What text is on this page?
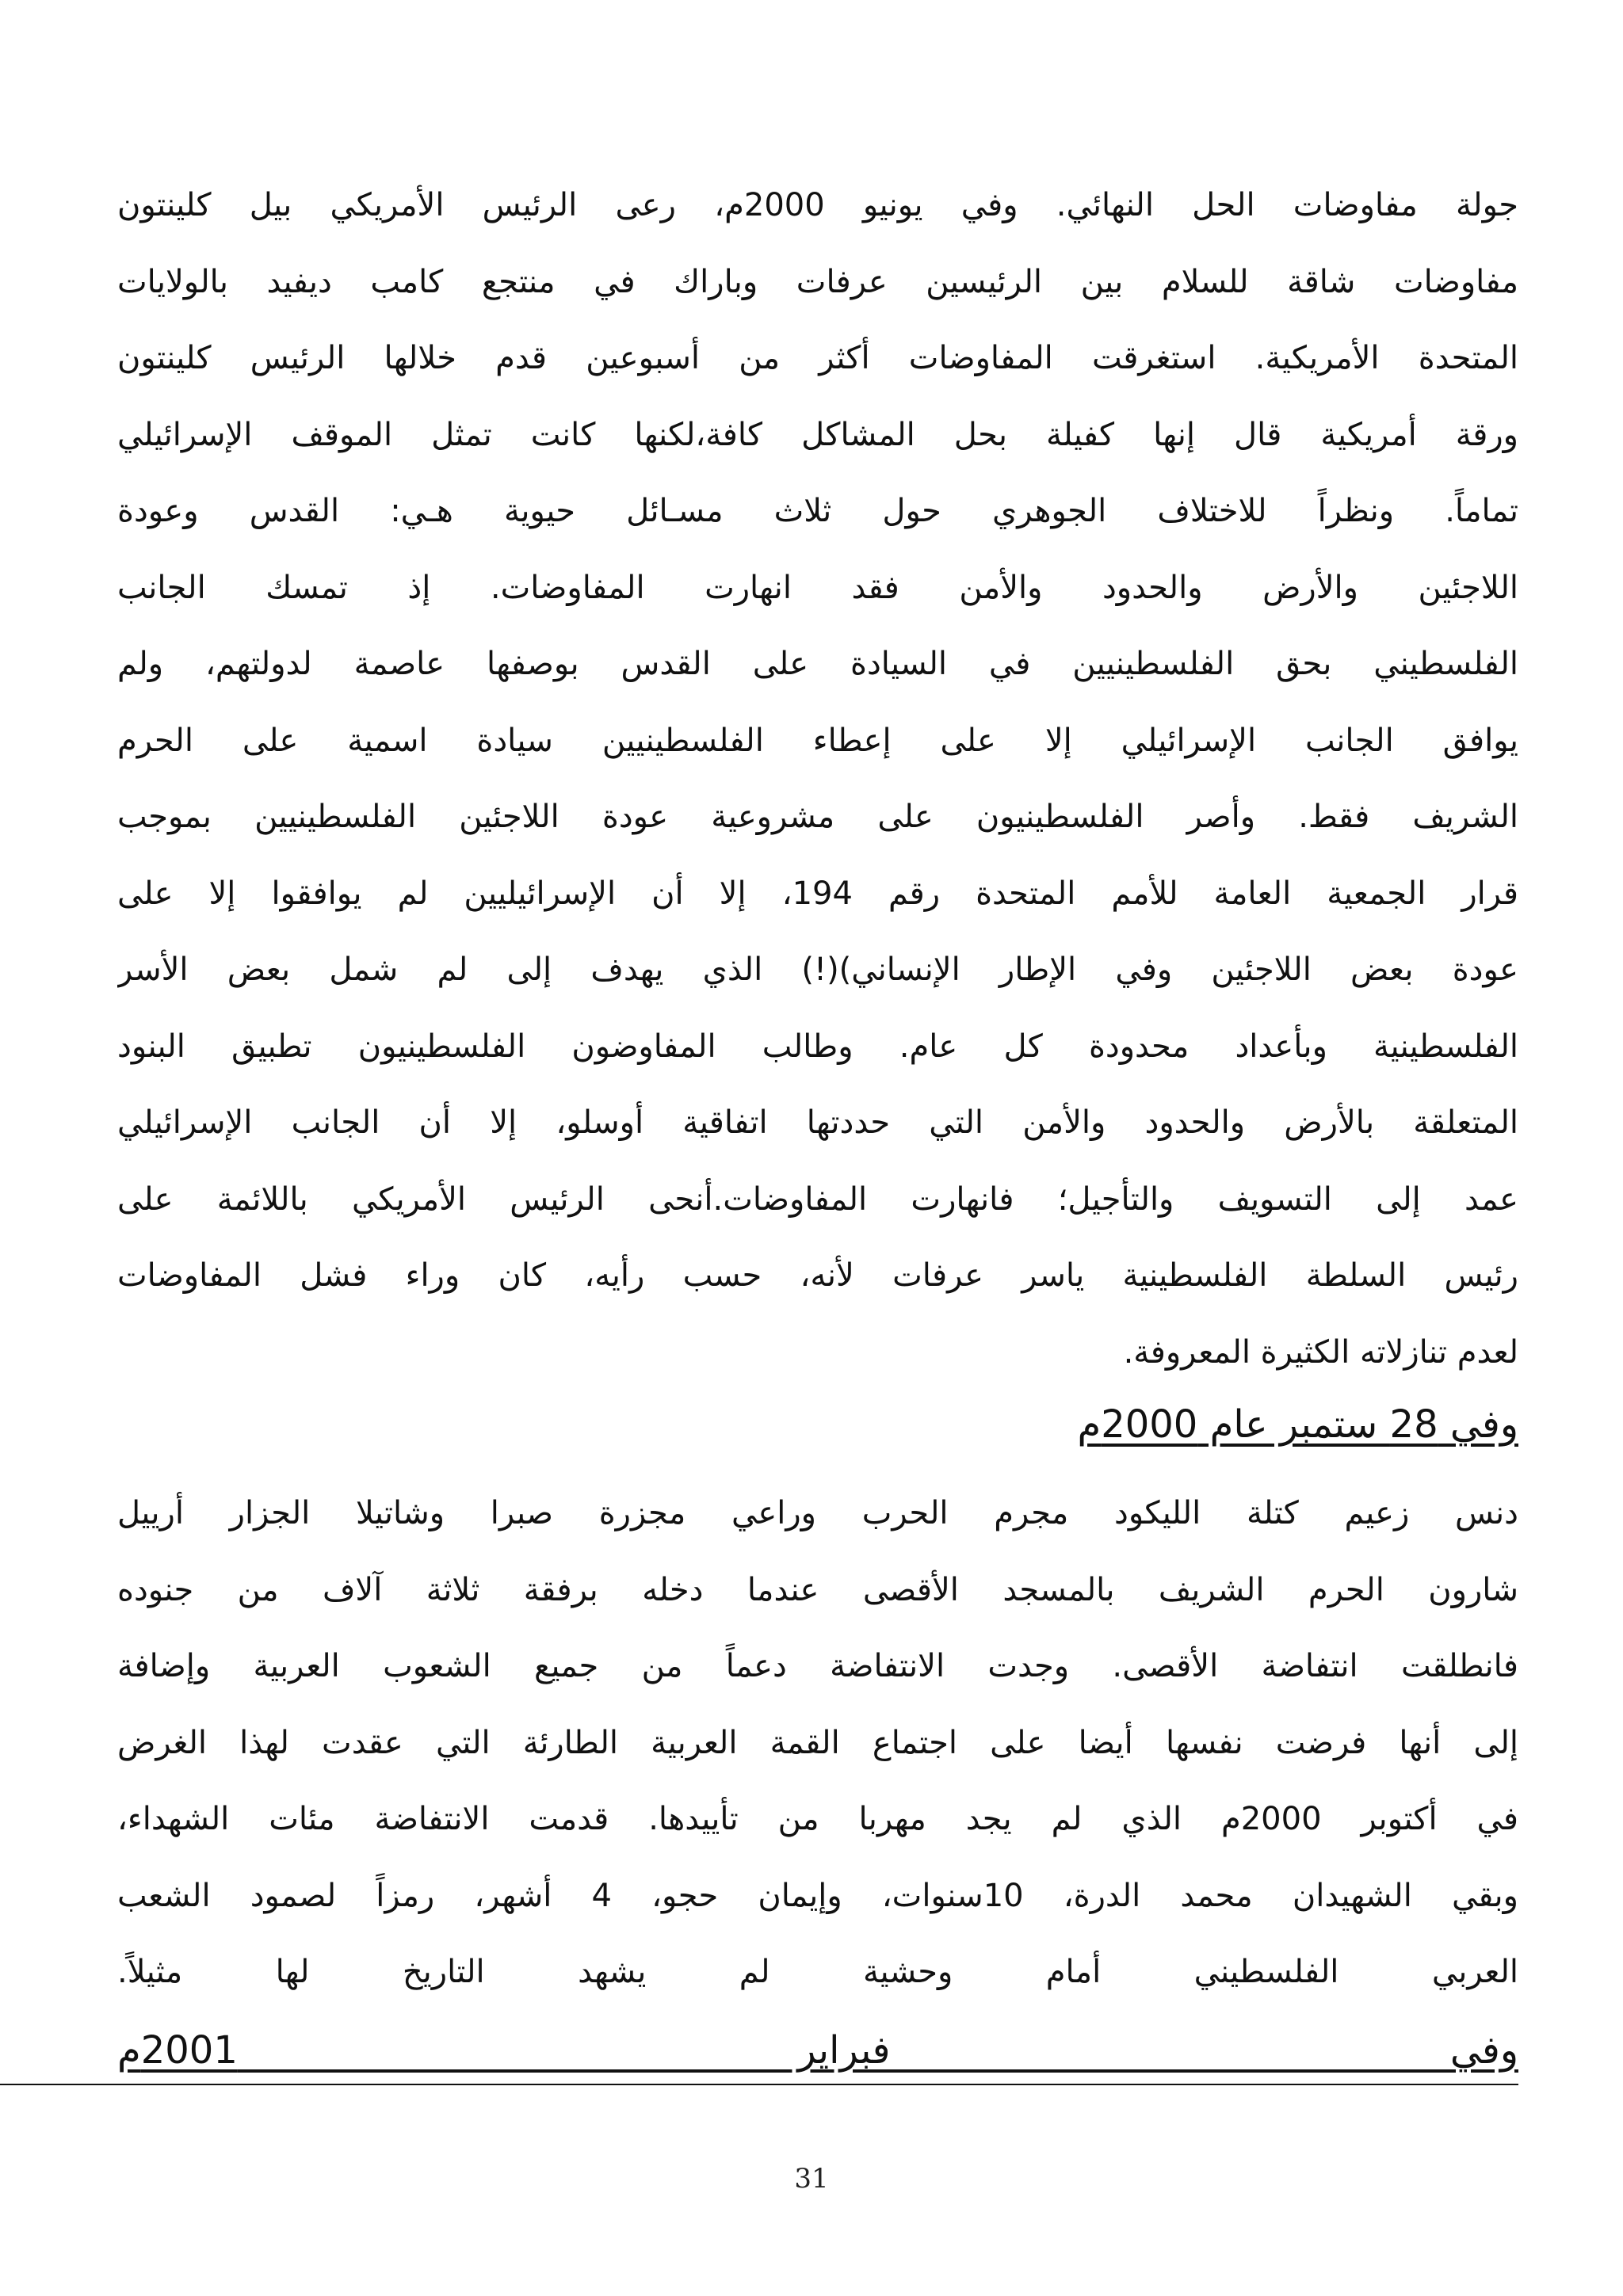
جولة مفاوضات الحل النهائي. وفي يونيو 2000م، رعى الرئيس الأمريكي بيل كلينتون
مفاوضات شاقة للسلام بين الرئيسين عرفات وباراك في منتجع كامب ديفيد بالولايات
المتحدة الأمريكية. استغرقت المفاوضات أكثر من أسبوعين قدم خلالها الرئيس كلينتون
ورقة أمريكية قال إنها كفيلة بحل المشاكل كافة،لكنها كانت تمثل الموقف الإسرائيلي
تماماً. ونظراً للاختلاف الجوهري حول ثلاث مسـائل حيوية هـي: القدس وعودة
اللاجئين والأرض والحدود والأمن فقد انهارت المفاوضات. إذ تمسك الجانب
الفلسطيني بحق الفلسطينيين في السيادة على القدس بوصفها عاصمة لدولتهم، ولم
يوافق الجانب الإسرائيلي إلا على إعطاء الفلسطينيين سيادة اسمية على الحرم
الشريف فقط. وأصر الفلسطينيون على مشروعية عودة اللاجئين الفلسطينيين بموجب
قرار الجمعية العامة للأمم المتحدة رقم 194، إلا أن الإسرائيليين لم يوافقوا إلا على
عودة بعض اللاجئين وفي الإطار الإنساني)(!) الذي يهدف إلى لم شمل بعض الأسر
الفلسطينية وبأعداد محدودة كل عام. وطالب المفاوضون الفلسطينيون تطبيق البنود
المتعلقة بالأرض والحدود والأمن التي حددتها اتفاقية أوسلو، إلا أن الجانب الإسرائيلي
عمد إلى التسويف والتأجيل؛ فانهارت المفاوضات.أنحى الرئيس الأمريكي باللائمة على
رئيس السلطة الفلسطينية ياسر عرفات لأنه، حسب رأيه، كان وراء فشل المفاوضات
لعدم تنازلاته الكثيرة المعروفة.
وفي 28 ستمبر عام 2000م
دنس زعيم كتلة الليكود مجرم الحرب وراعي مجزرة صبرا وشاتيلا الجزار أرييل
شارون الحرم الشريف بالمسجد الأقصى عندما دخله برفقة ثلاثة آلاف من جنوده
فانطلقت انتفاضة الأقصى. وجدت الانتفاضة دعماً من جميع الشعوب العربية وإضافة
إلى أنها فرضت نفسها أيضا على اجتماع القمة العربية الطارئة التي عقدت لهذا الغرض
في أكتوبر 2000م الذي لم يجد مهربا من تأييدها. قدمت الانتفاضة مئات الشهداء،
وبقي الشهيدان محمد الدرة، 10سنوات، وإيمان حجو، 4 أشهر، رمزاً لصمود الشعب
العربي الفلسطيني أمام وحشية لم يشهد التاريخ لها مثيلاً.
وفي فبراير 2001م
31
